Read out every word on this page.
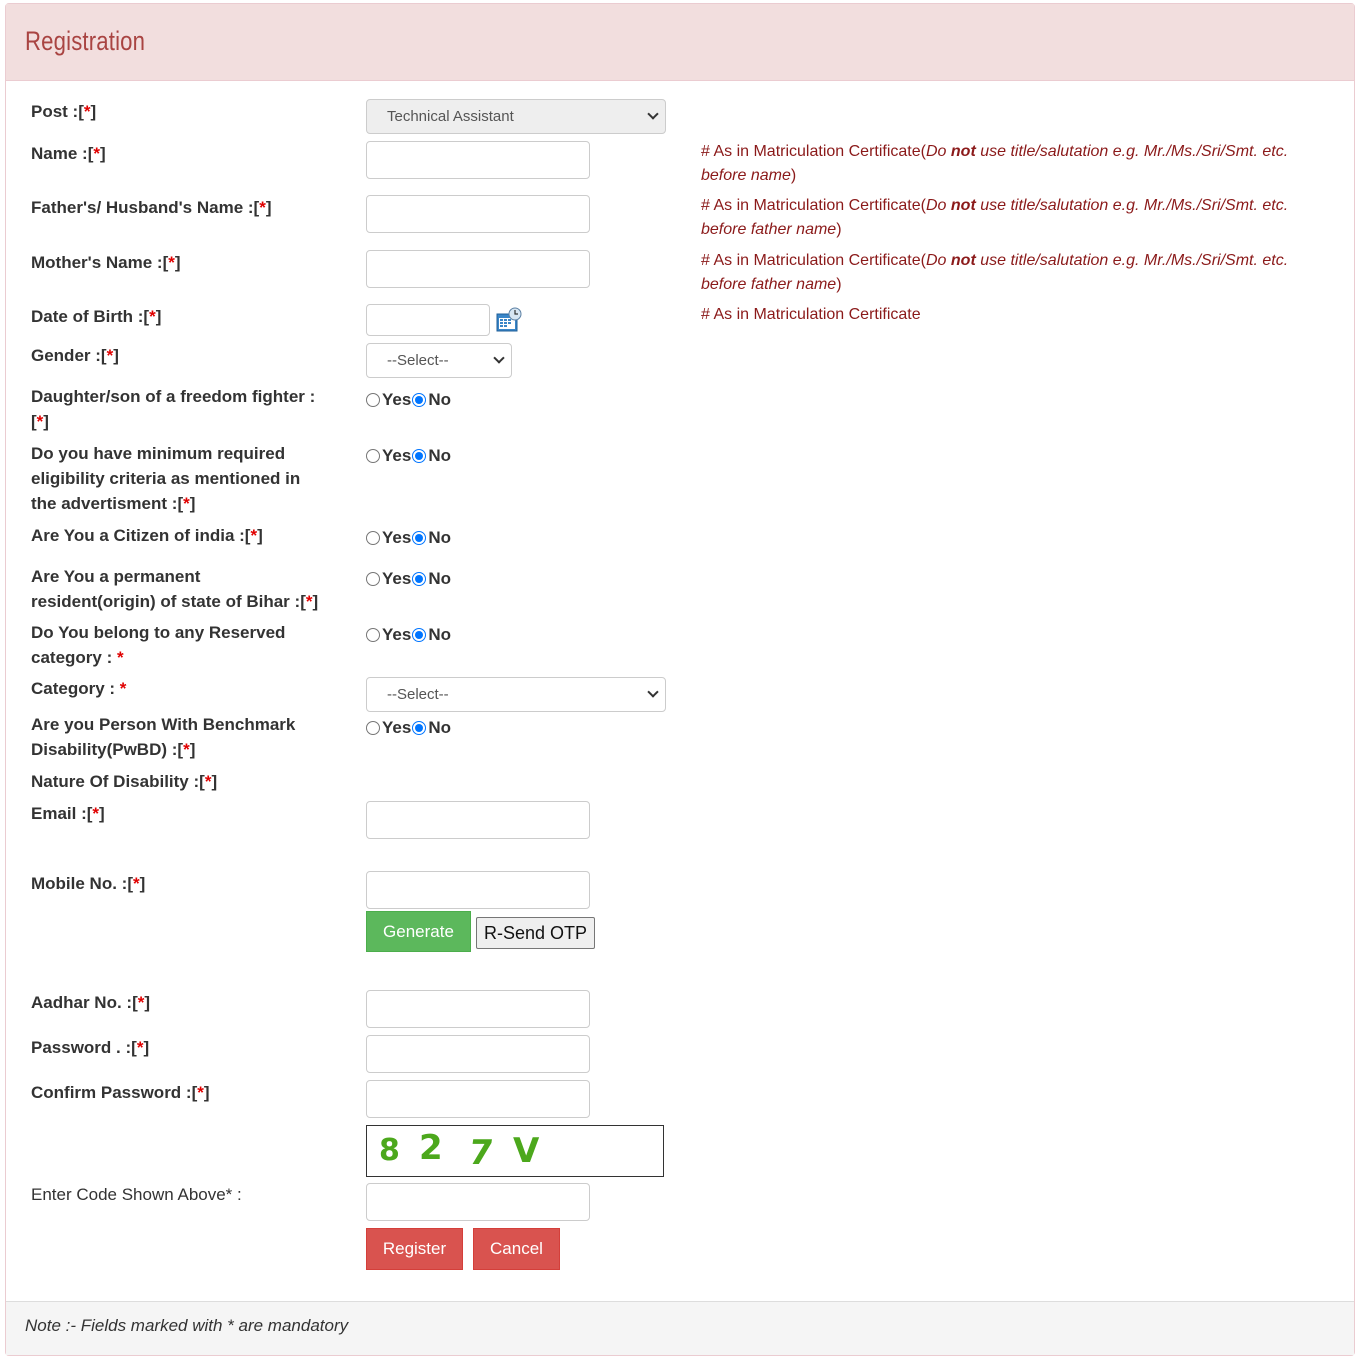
Registration
Note :- Fields marked with * are mandatory
Post :[*]	Technical Assistant
Name :[*]	# As in Matriculation Certificate(Do not use title/salutation e.g. Mr./Ms./Sri/Smt. etc. before name)
Father's/ Husband's Name :[*]	# As in Matriculation Certificate(Do not use title/salutation e.g. Mr./Ms./Sri/Smt. etc. before father name)
Mother's Name :[*]	# As in Matriculation Certificate(Do not use title/salutation e.g. Mr./Ms./Sri/Smt. etc. before father name)
Date of Birth :[*]	# As in Matriculation Certificate
Gender :[*]	--Select--
Daughter/son of a freedom fighter :
[*]
Yes No
Do you have minimum required
eligibility criteria as mentioned in
the advertisment :[*]
Yes No
Are You a Citizen of india :[*]	Yes No
Are You a permanent
resident(origin) of state of Bihar :[*]
Yes No
Do You belong to any Reserved
category : *
Yes No
Category : *	--Select--
Are you Person With Benchmark
Disability(PwBD) :[*]
Yes No
Nature Of Disability :[*]
Email :[*]
Mobile No. :[*]
Generate	R-Send OTP
Aadhar No. :[*]
Password . :[*]
Confirm Password :[*]
8 2 7 V
Enter Code Shown Above* :
Register	Cancel
